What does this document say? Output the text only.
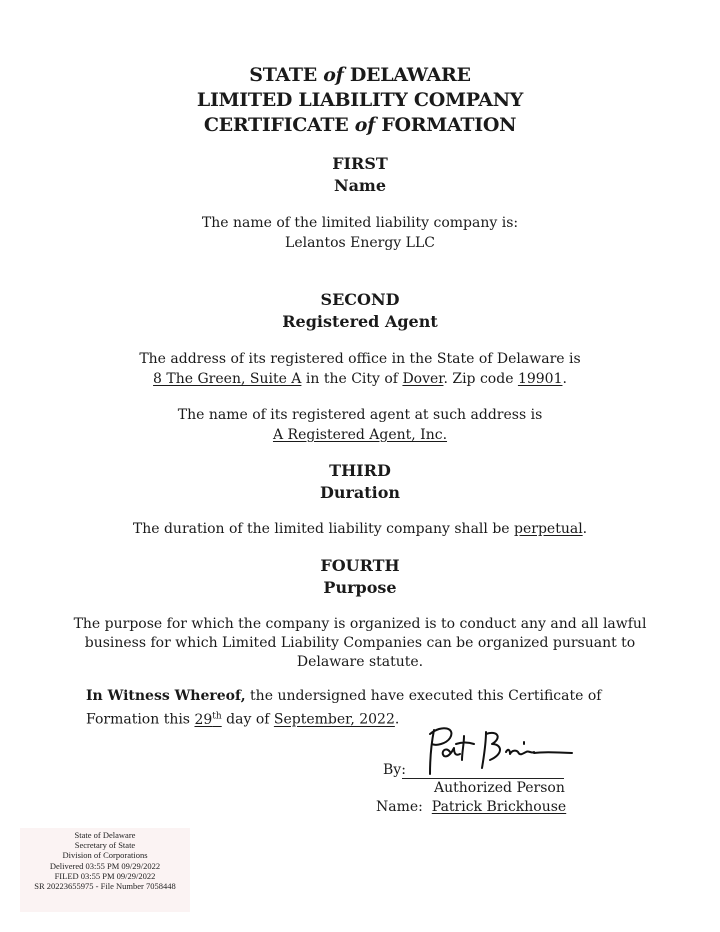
STATE of DELAWARE
LIMITED LIABILITY COMPANY
CERTIFICATE of FORMATION
FIRST
Name
The name of the limited liability company is:
Lelantos Energy LLC
SECOND
Registered Agent
The address of its registered office in the State of Delaware is
8 The Green, Suite A in the City of Dover. Zip code 19901.
The name of its registered agent at such address is
A Registered Agent, Inc.
THIRD
Duration
The duration of the limited liability company shall be perpetual.
FOURTH
Purpose
The purpose for which the company is organized is to conduct any and all lawful
business for which Limited Liability Companies can be organized pursuant to
Delaware statute.
In Witness Whereof, the undersigned have executed this Certificate of
Formation this 29th day of September, 2022.
By:
Authorized Person
Name: Patrick Brickhouse
State of Delaware
Secretary of State
Division of Corporations
Delivered 03:55 PM 09/29/2022
FILED 03:55 PM 09/29/2022
SR 20223655975 - File Number 7058448
